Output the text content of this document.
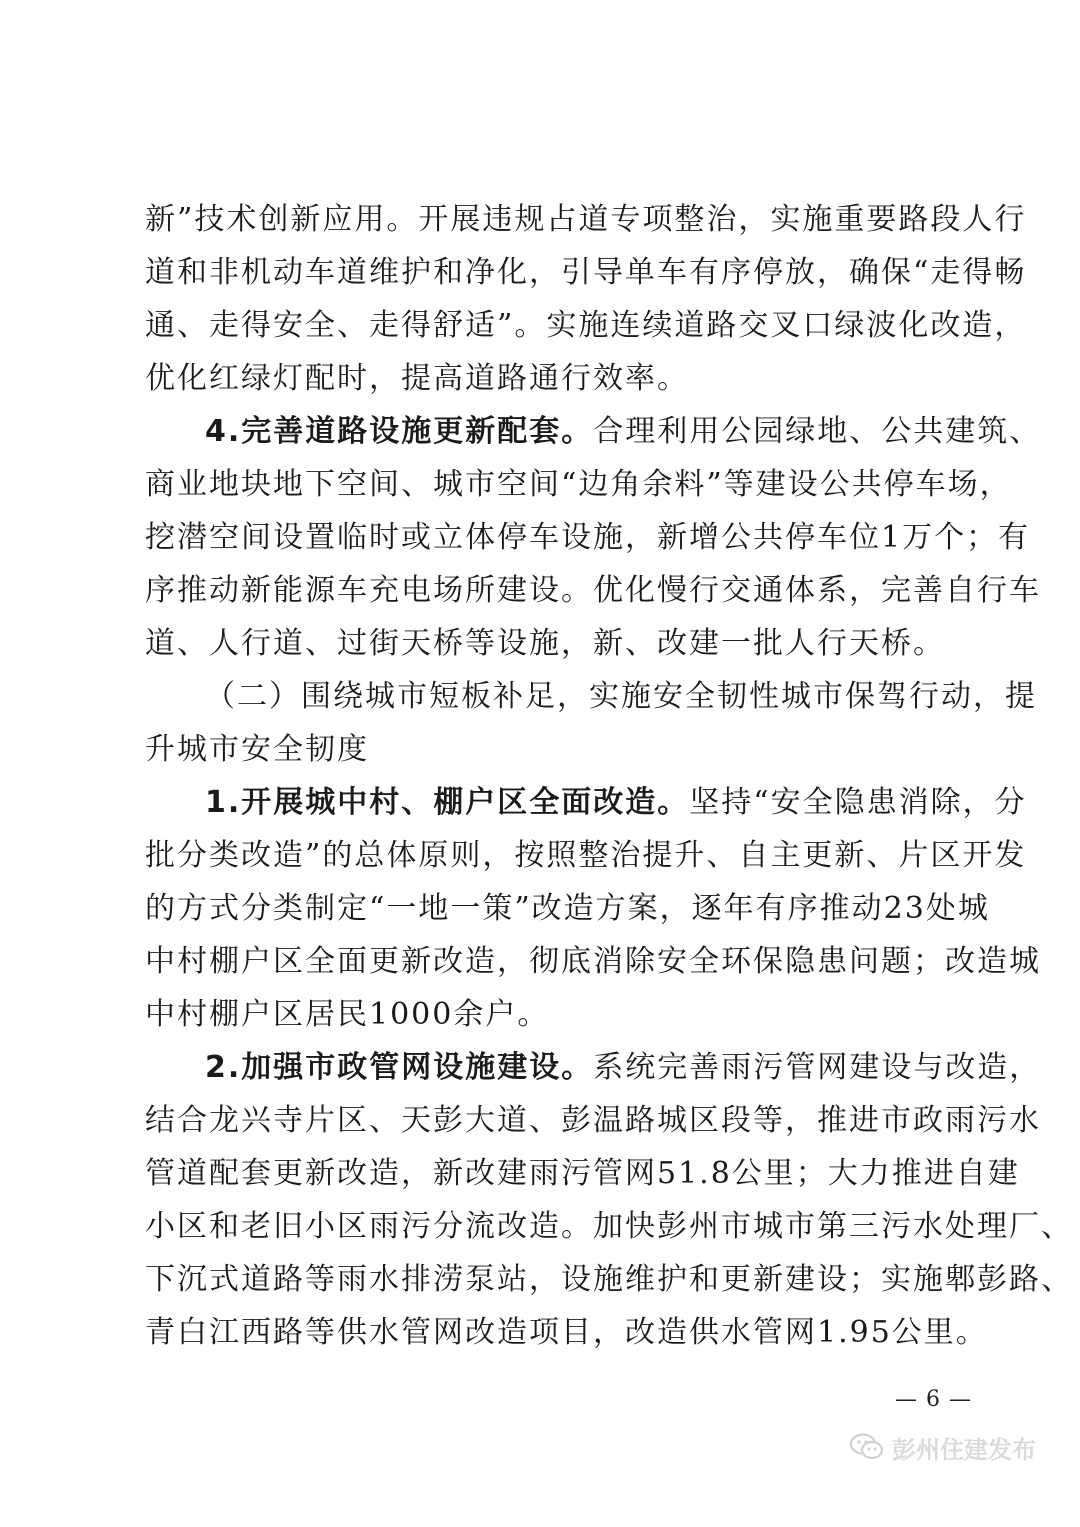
新”技术创新应用。开展违规占道专项整治，实施重要路段人行
道和非机动车道维护和净化，引导单车有序停放，确保“走得畅
通、走得安全、走得舒适”。实施连续道路交叉口绿波化改造，
优化红绿灯配时，提高道路通行效率。
4.完善道路设施更新配套。合理利用公园绿地、公共建筑、
商业地块地下空间、城市空间“边角余料”等建设公共停车场，
挖潜空间设置临时或立体停车设施，新增公共停车位1万个；有
序推动新能源车充电场所建设。优化慢行交通体系，完善自行车
道、人行道、过街天桥等设施，新、改建一批人行天桥。
（二）围绕城市短板补足，实施安全韧性城市保驾行动，提
升城市安全韧度
1.开展城中村、棚户区全面改造。坚持“安全隐患消除，分
批分类改造”的总体原则，按照整治提升、自主更新、片区开发
的方式分类制定“一地一策”改造方案，逐年有序推动23处城
中村棚户区全面更新改造，彻底消除安全环保隐患问题；改造城
中村棚户区居民1000余户。
2.加强市政管网设施建设。系统完善雨污管网建设与改造，
结合龙兴寺片区、天彭大道、彭温路城区段等，推进市政雨污水
管道配套更新改造，新改建雨污管网51.8公里；大力推进自建
小区和老旧小区雨污分流改造。加快彭州市城市第三污水处理厂、
下沉式道路等雨水排涝泵站，设施维护和更新建设；实施郫彭路、
青白江西路等供水管网改造项目，改造供水管网1.95公里。
— 6 —
彭州住建发布
